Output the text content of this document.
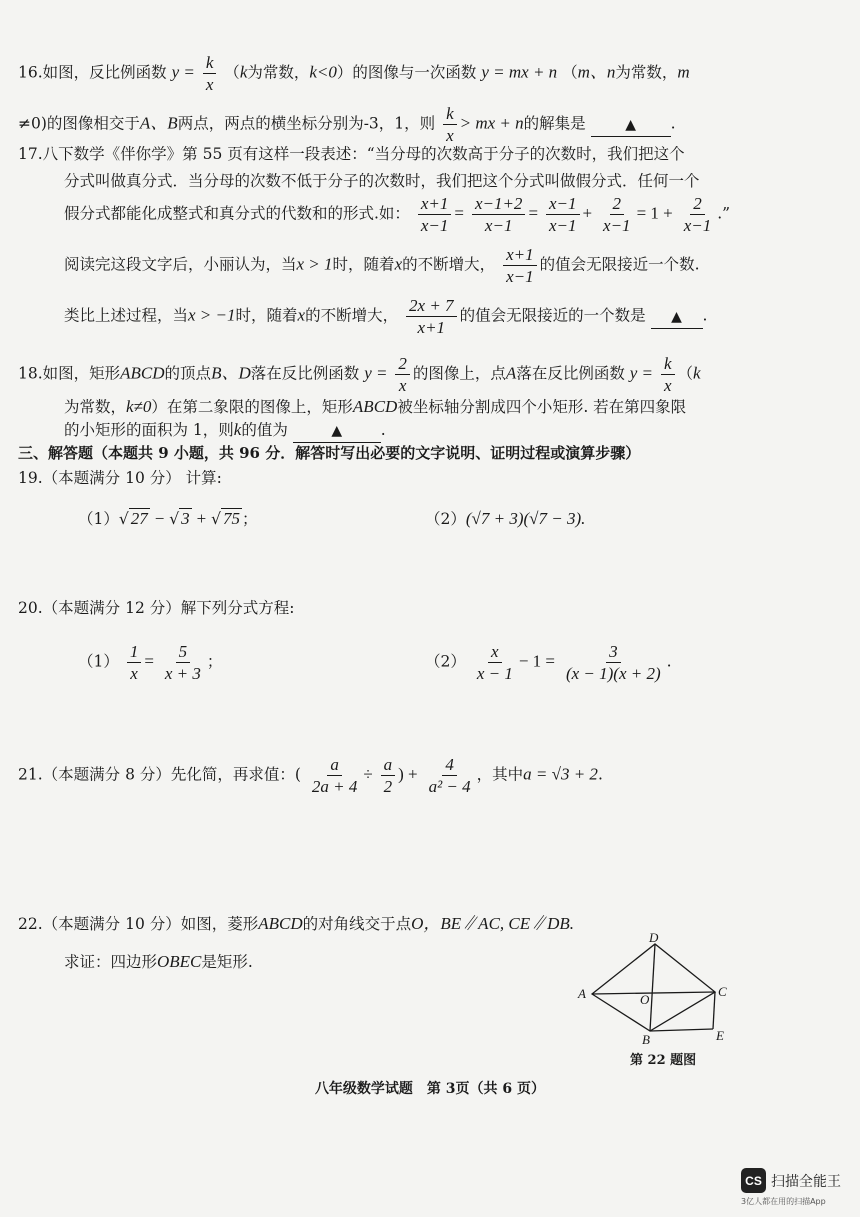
16.如图，反比例函数 $y = \frac{k}{x} (k$为常数，k<0）的图像与一次函数 y = mx + n （m、n为常数，m
≠0)的图像相交于A、B两点，两点的横坐标分别为-3，1，则 $\frac{k}{x}$ > mx + n的解集是	▲ .
17.八下数学《伴你学》第 55 页有这样一段表述：“当分母的次数高于分子的次数时，我们把这个
分式叫做真分式．当分母的次数不低于分子的次数时，我们把这个分式叫做假分式．任何一个
假分式都能化成整式和真分式的代数和的形式.如： $\frac{x+1}{x-1} = \frac{x-1+2}{x-1} = \frac{x-1}{x-1} + \frac{2}{x-1} = 1 + \frac{2}{x-1}$ .”
阅读完这段文字后，小丽认为，当x > 1时，随着x的不断增大， $\frac{x+1}{x-1}$ 的值会无限接近一个数.
类比上述过程，当x > −1时，随着x的不断增大， $\frac{2x + 7}{x+1}$ 的值会无限接近的一个数是 ▲ .
18.如图，矩形ABCD的顶点B、D落在反比例函数 $y = \frac{2}{x}$ 的图像上，点A落在反比例函数 $y = \frac{k}{x} (k$
为常数，k≠0）在第二象限的图像上，矩形ABCD被坐标轴分割成四个小矩形. 若在第四象限
的小矩形的面积为 1，则k的值为	▲ .
三、解答题（本题共 9 小题，共 96 分．解答时写出必要的文字说明、证明过程或演算步骤）
19.（本题满分 10 分） 计算:
（1）√ 27 − √ 3 + √ 75 ；	（2）(√7 + 3)(√7 − 3).
20.（本题满分 12 分）解下列分式方程:
$(1) \frac{1}{x} = \frac{5}{x + 3}$ ；	$(2) \frac{x}{x - 1} - 1 = \frac{3}{(x - 1)(x + 2)}$ .
21.（本题满分 8 分）先化简，再求值：( $\frac{a}{2a + 4} \div \frac{a}{2}$ ) + $\frac{4}{\text{a² − 4}}$ ，其中a = √3 + 2.
22.（本题满分 10 分）如图，菱形ABCD的对角线交于点O，BE∥AC, CE∥DB.
求证：四边形OBEC是矩形.
A
D
C
B	E
O
第 22 题图
八年级数学试题　第 3页（共 6 页）
CS 扫描全能王
3亿人都在用的扫描App
